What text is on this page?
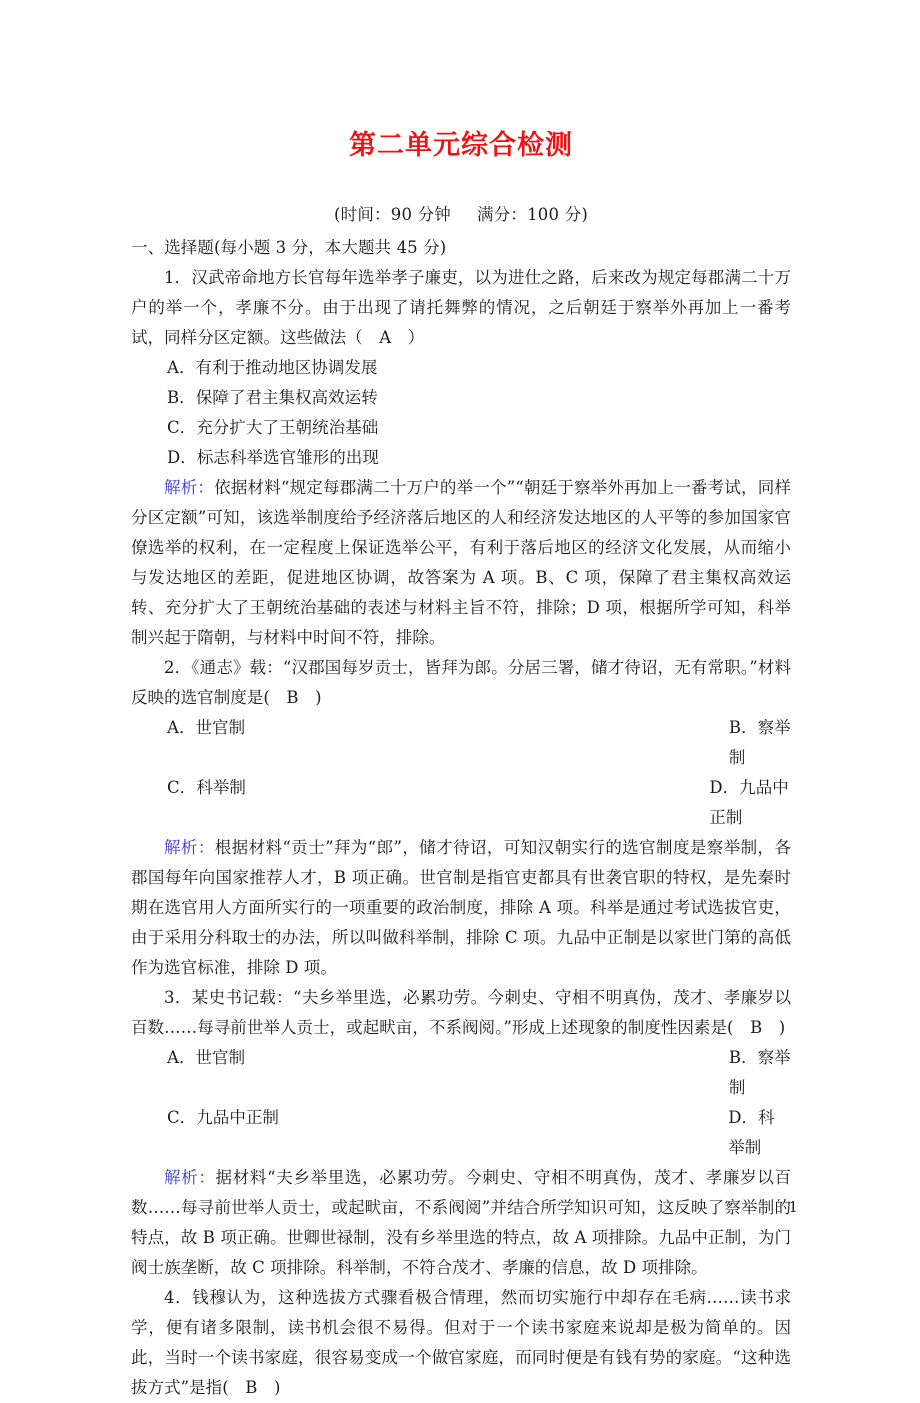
第二单元综合检测

(时间：90 分钟 满分：100 分)

一、选择题(每小题 3 分，本大题共 45 分)

1．汉武帝命地方长官每年选举孝子廉吏，以为进仕之路，后来改为规定每郡满二十万户的举一个，孝廉不分。由于出现了请托舞弊的情况，之后朝廷于察举外再加上一番考试，同样分区定额。这些做法（　A　）

A．有利于推动地区协调发展

B．保障了君主集权高效运转

C．充分扩大了王朝统治基础

D．标志科举选官雏形的出现

解析：依据材料“规定每郡满二十万户的举一个”“朝廷于察举外再加上一番考试，同样分区定额”可知，该选举制度给予经济落后地区的人和经济发达地区的人平等的参加国家官僚选举的权利，在一定程度上保证选举公平，有利于落后地区的经济文化发展，从而缩小与发达地区的差距，促进地区协调，故答案为 A 项。B、C 项，保障了君主集权高效运转、充分扩大了王朝统治基础的表述与材料主旨不符，排除；D 项，根据所学可知，科举制兴起于隋朝，与材料中时间不符，排除。

2．《通志》载：“汉郡国每岁贡士，皆拜为郎。分居三署，储才待诏，无有常职。”材料反映的选官制度是(　B　)

A．世官制	B．察举制
C．科举制	D．九品中正制

解析：根据材料“贡士”拜为“郎”，储才待诏，可知汉朝实行的选官制度是察举制，各郡国每年向国家推荐人才，B 项正确。世官制是指官吏都具有世袭官职的特权，是先秦时期在选官用人方面所实行的一项重要的政治制度，排除 A 项。科举是通过考试选拔官吏，由于采用分科取士的办法，所以叫做科举制，排除 C 项。九品中正制是以家世门第的高低作为选官标准，排除 D 项。

3．某史书记载：“夫乡举里选，必累功劳。今刺史、守相不明真伪，茂才、孝廉岁以百数……每寻前世举人贡士，或起畎亩，不系阀阅。”形成上述现象的制度性因素是(　B　)

A．世官制	B．察举制
C．九品中正制	D．科举制

解析：据材料“夫乡举里选，必累功劳。今刺史、守相不明真伪，茂才、孝廉岁以百数……每寻前世举人贡士，或起畎亩，不系阀阅”并结合所学知识可知，这反映了察举制的特点，故 B 项正确。世卿世禄制，没有乡举里选的特点，故 A 项排除。九品中正制，为门阀士族垄断，故 C 项排除。科举制，不符合茂才、孝廉的信息，故 D 项排除。

4．钱穆认为，这种选拔方式骤看极合情理，然而切实施行中却存在毛病……读书求学，便有诸多限制，读书机会很不易得。但对于一个读书家庭来说却是极为简单的。因此，当时一个读书家庭，很容易变成一个做官家庭，而同时便是有钱有势的家庭。“这种选拔方式”是指(　B　)

1
